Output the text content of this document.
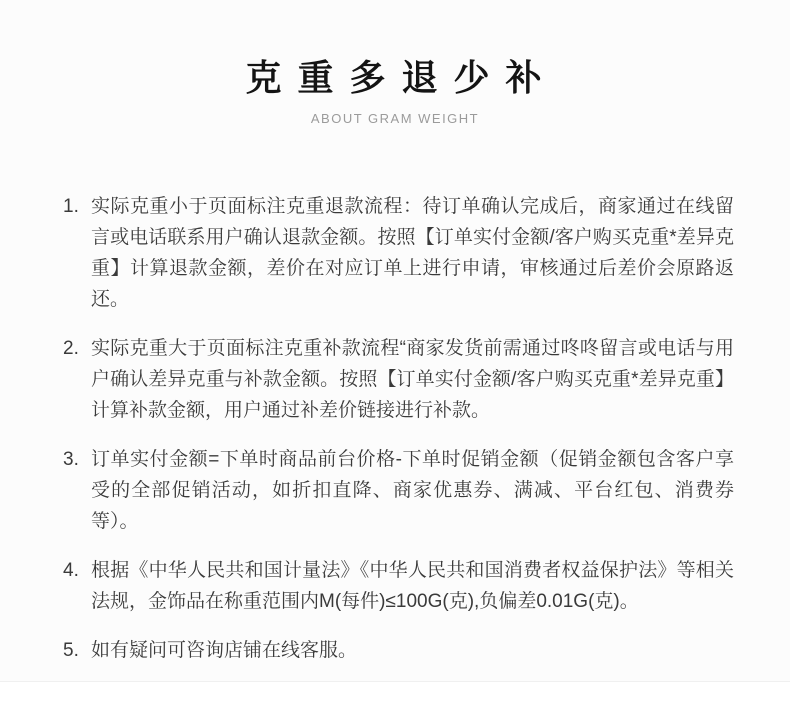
克 重 多 退 少 补
ABOUT GRAM WEIGHT
1. 实际克重小于页面标注克重退款流程：待订单确认完成后，商家通过在线留言或电话联系用户确认退款金额。按照【订单实付金额/客户购买克重*差异克重】计算退款金额，差价在对应订单上进行申请，审核通过后差价会原路返还。
2. 实际克重大于页面标注克重补款流程“商家发货前需通过咚咚留言或电话与用户确认差异克重与补款金额。按照【订单实付金额/客户购买克重*差异克重】计算补款金额，用户通过补差价链接进行补款。
3. 订单实付金额=下单时商品前台价格-下单时促销金额（促销金额包含客户享受的全部促销活动，如折扣直降、商家优惠券、满减、平台红包、消费券等）。
4. 根据《中华人民共和国计量法》《中华人民共和国消费者权益保护法》等相关法规，金饰品在称重范围内M(每件)≤100G(克),负偏差0.01G(克)。
5. 如有疑问可咨询店铺在线客服。
